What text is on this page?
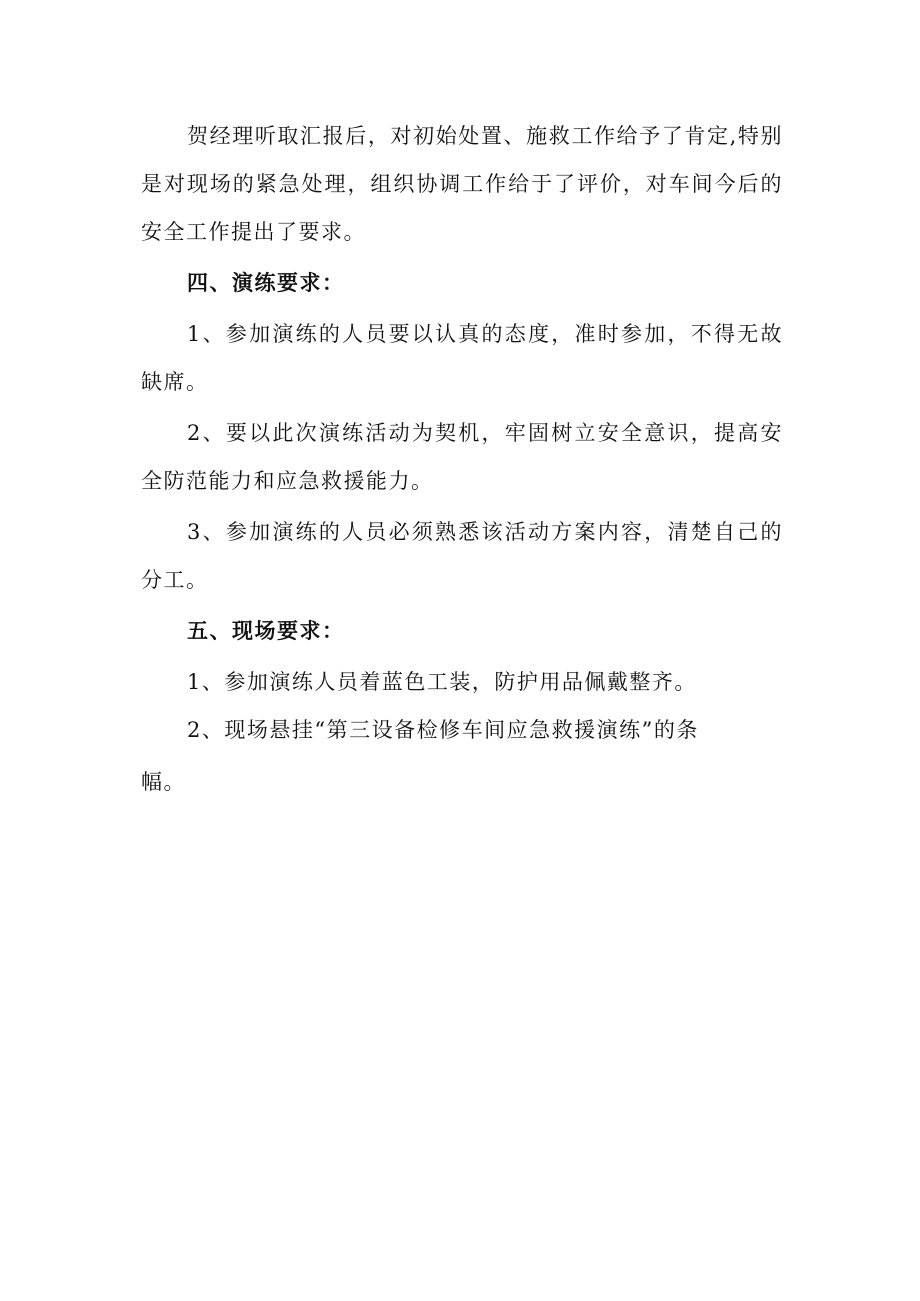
贺经理听取汇报后，对初始处置、施救工作给予了肯定,特别是对现场的紧急处理，组织协调工作给于了评价，对车间今后的安全工作提出了要求。

四、演练要求：

1、参加演练的人员要以认真的态度，准时参加，不得无故缺席。

2、要以此次演练活动为契机，牢固树立安全意识，提高安全防范能力和应急救援能力。

3、参加演练的人员必须熟悉该活动方案内容，清楚自己的分工。

五、现场要求：

1、参加演练人员着蓝色工装，防护用品佩戴整齐。

2、现场悬挂“第三设备检修车间应急救援演练”的条

幅。
